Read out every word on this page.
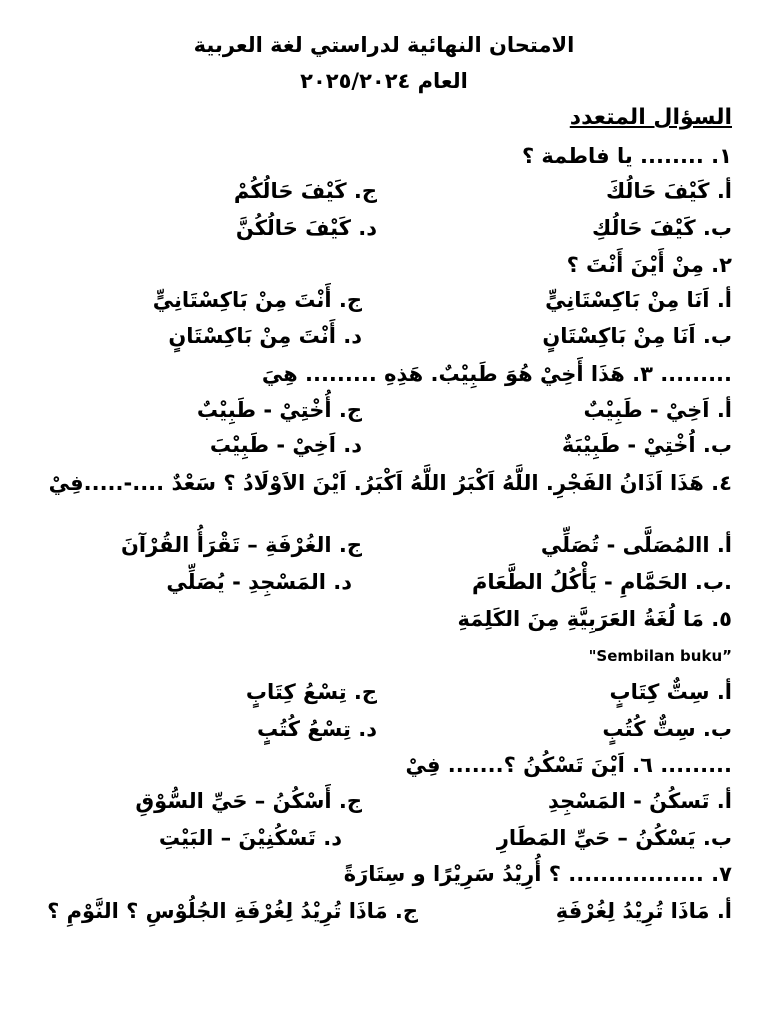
الامتحان النهائية لدراستي لغة العربية
العام ٢٠٢٥/٢٠٢٤
السؤال المتعدد
١. ........ يا فاطمة ؟
أ. كَيْفَ حَالُكَ
ج. كَيْفَ حَالُكُمْ
ب. كَيْفَ حَالُكِ
د. كَيْفَ حَالُكُنَّ
٢. مِنْ أَيْنَ أَنْتَ ؟
أ. اَنَا مِنْ بَاكِسْتَانِيٍّ
ج. أَنْتَ مِنْ بَاكِسْتَانِيٍّ
ب. اَنَا مِنْ بَاكِسْتَانٍ
د. أَنْتَ مِنْ بَاكِسْتَانٍ
......... ٣. هَذَا أَخِيْ هُوَ طَبِيْبٌ. هَذِهِ ......... هِيَ
أ. اَخِيْ - طَبِيْبٌ
ج. أُخْتِيْ - طَبِيْبٌ
ب. اُخْتِيْ - طَبِيْبَةٌ
د. اَخِيْ - طَبِيْبَ
٤. هَذَا اَذَانُ الفَجْرِ. اللَّهُ اَكْبَرُ اللَّهُ اَكْبَرُ. اَيْنَ الاَوْلَادُ ؟ سَعْدٌ ....-.....فِيْ
أ. االمُصَلَّى - تُصَلِّي
ج. الغُرْفَةِ – تَقْرَأُ القُرْآنَ
.ب. الحَمَّامِ - يَأْكُلُ الطَّعَامَ
د. المَسْجِدِ - يُصَلِّي
٥. مَا لُغَةُ العَرَبِيَّةِ مِنَ الكَلِمَةِ
"Sembilan buku”
أ. سِتٌّ كِتَابٍ
ج. تِسْعُ كِتَابٍ
ب. سِتٌّ كُتُبٍ
د. تِسْعُ كُتُبٍ
......... ٦. اَيْنَ تَسْكُنُ ؟....... فِيْ
أ. تَسكُنُ - المَسْجِدِ
ج. أَسْكُنُ – حَيِّ السُّوْقِ
ب. يَسْكُنُ – حَيِّ المَطَارِ
د. تَسْكُنِيْنَ – البَيْتِ
٧. ................. ؟ أُرِيْدُ سَرِيْرًا و سِتَارَةً
أ. مَاذَا تُرِيْدُ لِغُرْفَةِ
ج. مَاذَا تُرِيْدُ لِغُرْفَةِ الجُلُوْسِ ؟ النَّوْمِ ؟
